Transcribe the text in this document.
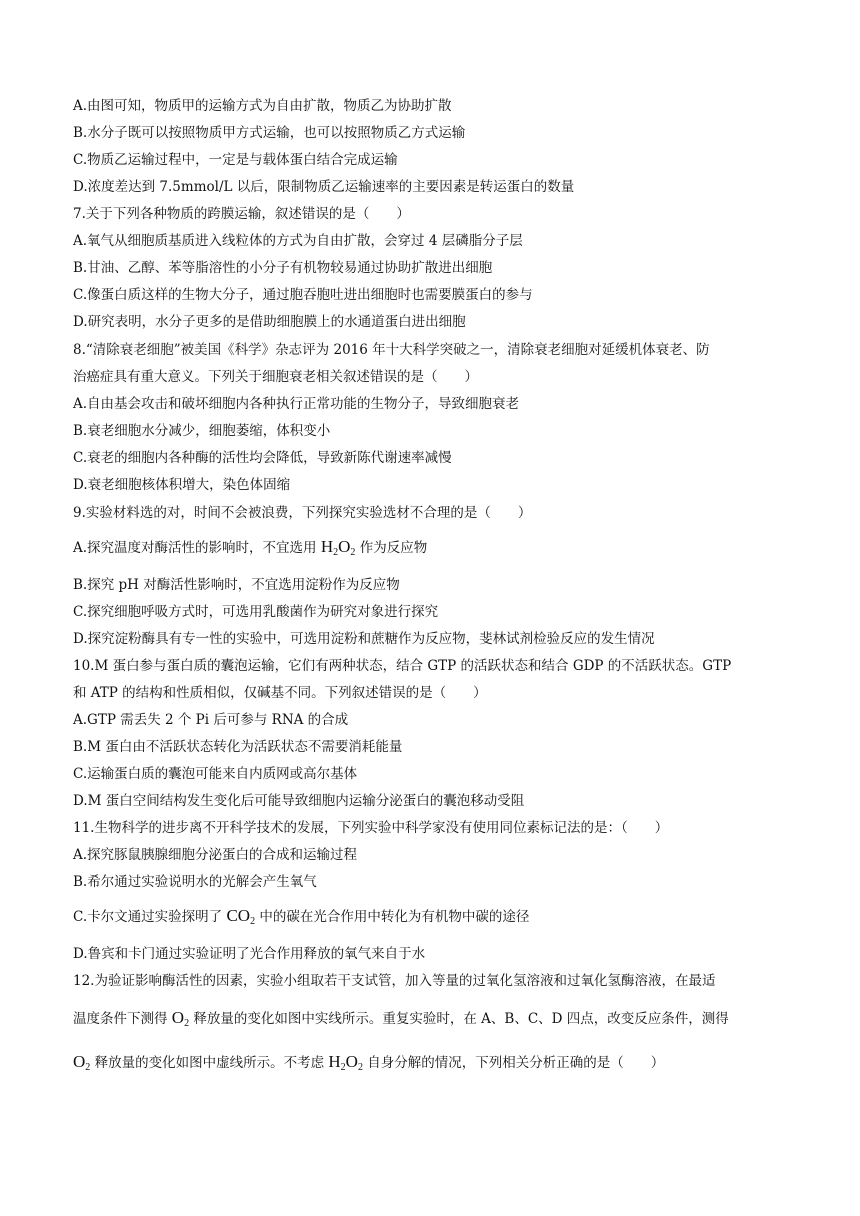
A.由图可知，物质甲的运输方式为自由扩散，物质乙为协助扩散
B.水分子既可以按照物质甲方式运输，也可以按照物质乙方式运输
C.物质乙运输过程中，一定是与载体蛋白结合完成运输
D.浓度差达到 7.5mmol/L 以后，限制物质乙运输速率的主要因素是转运蛋白的数量
7.关于下列各种物质的跨膜运输，叙述错误的是（　　）
A.氧气从细胞质基质进入线粒体的方式为自由扩散，会穿过 4 层磷脂分子层
B.甘油、乙醇、苯等脂溶性的小分子有机物较易通过协助扩散进出细胞
C.像蛋白质这样的生物大分子，通过胞吞胞吐进出细胞时也需要膜蛋白的参与
D.研究表明，水分子更多的是借助细胞膜上的水通道蛋白进出细胞
8.“清除衰老细胞”被美国《科学》杂志评为 2016 年十大科学突破之一，清除衰老细胞对延缓机体衰老、防
治癌症具有重大意义。下列关于细胞衰老相关叙述错误的是（　　）
A.自由基会攻击和破坏细胞内各种执行正常功能的生物分子，导致细胞衰老
B.衰老细胞水分减少，细胞萎缩，体积变小
C.衰老的细胞内各种酶的活性均会降低，导致新陈代谢速率减慢
D.衰老细胞核体积增大，染色体固缩
9.实验材料选的对，时间不会被浪费，下列探究实验选材不合理的是（　　）
A.探究温度对酶活性的影响时，不宜选用 $H_2O_2$ 作为反应物
B.探究 pH 对酶活性影响时，不宜选用淀粉作为反应物
C.探究细胞呼吸方式时，可选用乳酸菌作为研究对象进行探究
D.探究淀粉酶具有专一性的实验中，可选用淀粉和蔗糖作为反应物，斐林试剂检验反应的发生情况
10.M 蛋白参与蛋白质的囊泡运输，它们有两种状态，结合 GTP 的活跃状态和结合 GDP 的不活跃状态。GTP
和 ATP 的结构和性质相似，仅碱基不同。下列叙述错误的是（　　）
A.GTP 需丢失 2 个 Pi 后可参与 RNA 的合成
B.M 蛋白由不活跃状态转化为活跃状态不需要消耗能量
C.运输蛋白质的囊泡可能来自内质网或高尔基体
D.M 蛋白空间结构发生变化后可能导致细胞内运输分泌蛋白的囊泡移动受阻
11.生物科学的进步离不开科学技术的发展，下列实验中科学家没有使用同位素标记法的是：（　　）
A.探究豚鼠胰腺细胞分泌蛋白的合成和运输过程
B.希尔通过实验说明水的光解会产生氧气
C.卡尔文通过实验探明了 $CO_2$ 中的碳在光合作用中转化为有机物中碳的途径
D.鲁宾和卡门通过实验证明了光合作用释放的氧气来自于水
12.为验证影响酶活性的因素，实验小组取若干支试管，加入等量的过氧化氢溶液和过氧化氢酶溶液，在最适
温度条件下测得 $O_2$ 释放量的变化如图中实线所示。重复实验时，在 A、B、C、D 四点，改变反应条件，测得
$O_2$ 释放量的变化如图中虚线所示。不考虑 $H_2O_2$ 自身分解的情况，下列相关分析正确的是（　　）
